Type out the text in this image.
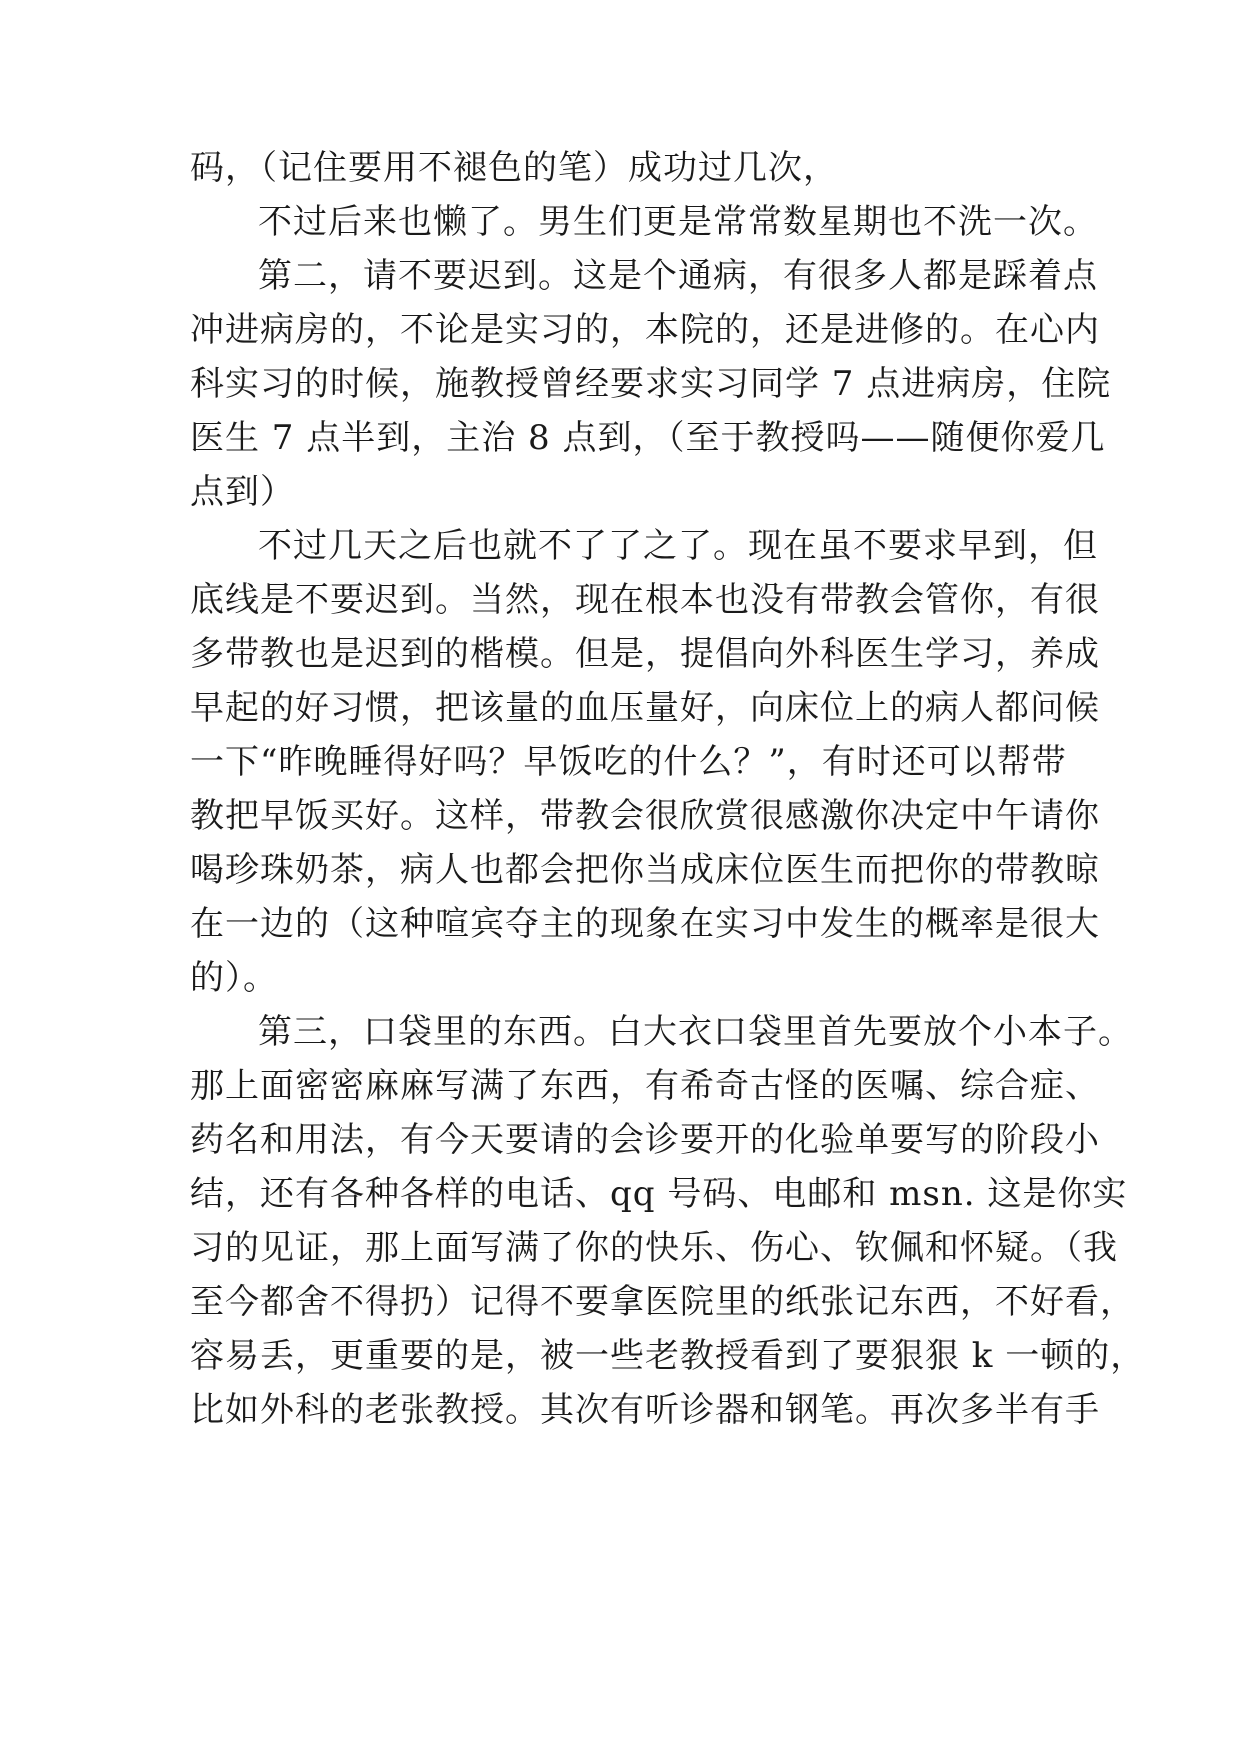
码，（记住要用不褪色的笔）成功过几次，
不过后来也懒了。男生们更是常常数星期也不洗一次。
第二，请不要迟到。这是个通病，有很多人都是踩着点
冲进病房的，不论是实习的，本院的，还是进修的。在心内
科实习的时候，施教授曾经要求实习同学 7 点进病房，住院
医生 7 点半到，主治 8 点到，（至于教授吗——随便你爱几
点到）
不过几天之后也就不了了之了。现在虽不要求早到，但
底线是不要迟到。当然，现在根本也没有带教会管你，有很
多带教也是迟到的楷模。但是，提倡向外科医生学习，养成
早起的好习惯，把该量的血压量好，向床位上的病人都问候
一下“昨晚睡得好吗？早饭吃的什么？”，有时还可以帮带
教把早饭买好。这样，带教会很欣赏很感激你决定中午请你
喝珍珠奶茶，病人也都会把你当成床位医生而把你的带教晾
在一边的（这种喧宾夺主的现象在实习中发生的概率是很大
的）。
第三，口袋里的东西。白大衣口袋里首先要放个小本子。
那上面密密麻麻写满了东西，有希奇古怪的医嘱、综合症、
药名和用法，有今天要请的会诊要开的化验单要写的阶段小
结，还有各种各样的电话、qq 号码、电邮和 msn. 这是你实
习的见证，那上面写满了你的快乐、伤心、钦佩和怀疑。（我
至今都舍不得扔）记得不要拿医院里的纸张记东西，不好看，
容易丢，更重要的是，被一些老教授看到了要狠狠 k 一顿的，
比如外科的老张教授。其次有听诊器和钢笔。再次多半有手
